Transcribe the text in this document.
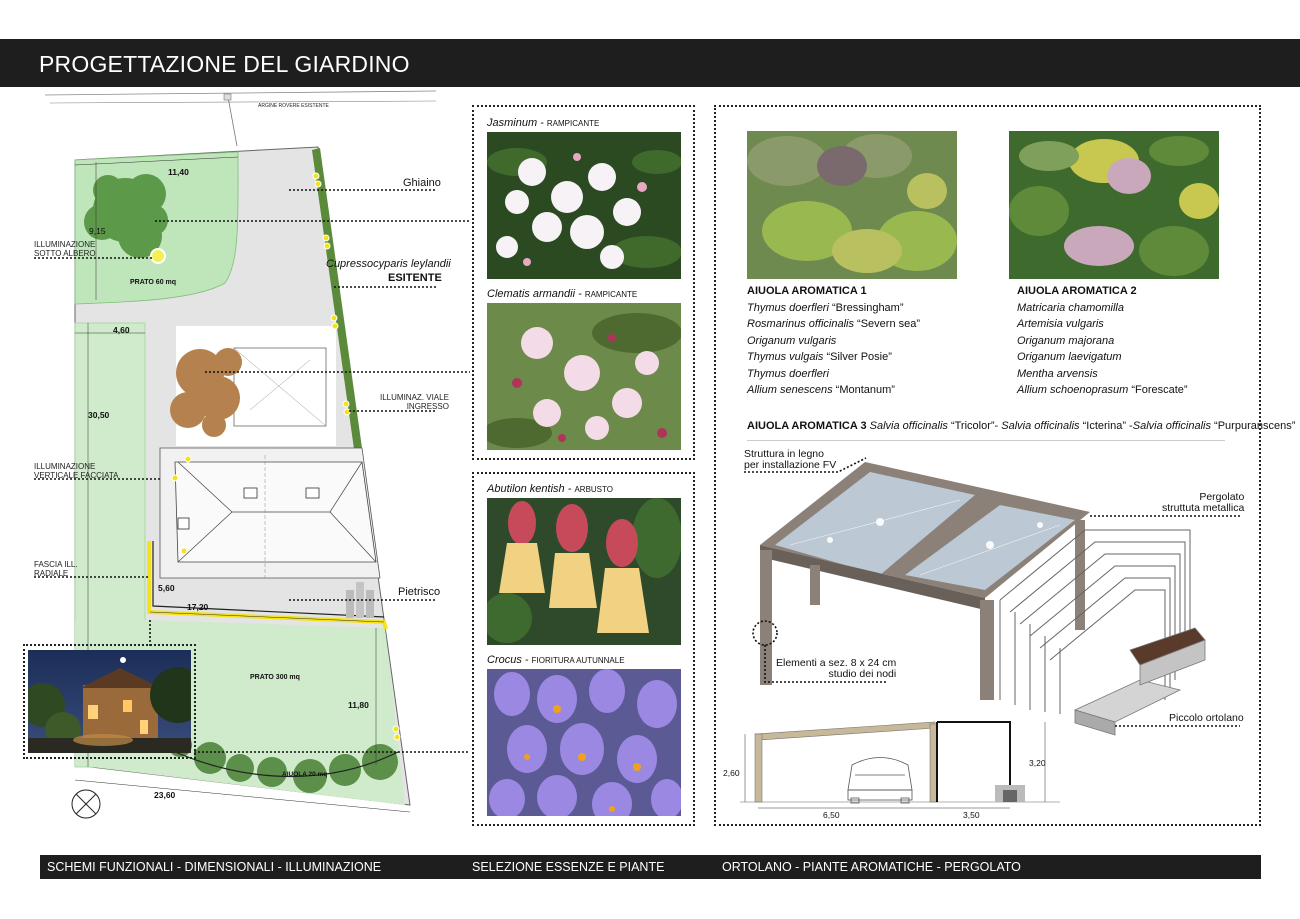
PROGETTAZIONE DEL GIARDINO
ARGINE ROVERE ESISTENTE
11,40
9,15
PRATO 60 mq
4,60
30,50
5,60
17,20
PRATO 300 mq
11,80
AIUOLA 20 mq
23,60
ILLUMINAZIONE
SOTTO ALBERO
ILLUMINAZIONE
VERTICALE FACCIATA
FASCIA ILL.
RADIALE
ILLUMINAZ. VIALE
INGRESSO
Ghiaino
Cupressocyparis leylandii
ESITENTE
Pietrisco
Jasminum - RAMPICANTE
Clematis armandii - RAMPICANTE
Abutilon kentish - ARBUSTO
Crocus - FIORITURA AUTUNNALE
AIUOLA AROMATICA 1
Thymus doerfleri “Bressingham”
Rosmarinus officinalis “Severn sea”
Origanum vulgaris
Thymus vulgais “Silver Posie”
Thymus doerfleri
Allium senescens “Montanum”
AIUOLA AROMATICA 2
Matricaria chamomilla
Artemisia vulgaris
Origanum majorana
Origanum laevigatum
Mentha arvensis
Allium schoenoprasum “Forescate”
AIUOLA AROMATICA 3 Salvia officinalis “Tricolor”- Salvia officinalis “Icterina” -Salvia officinalis “Purpuranscens”
Struttura in legno
per installazione FV
Pergolato
struttuta metallica
Elementi a sez. 8 x 24 cm
studio dei nodi
Piccolo ortolano
2,60
6,50	3,50
3,20
SCHEMI FUNZIONALI - DIMENSIONALI - ILLUMINAZIONE	SELEZIONE ESSENZE E PIANTE	ORTOLANO - PIANTE AROMATICHE - PERGOLATO
